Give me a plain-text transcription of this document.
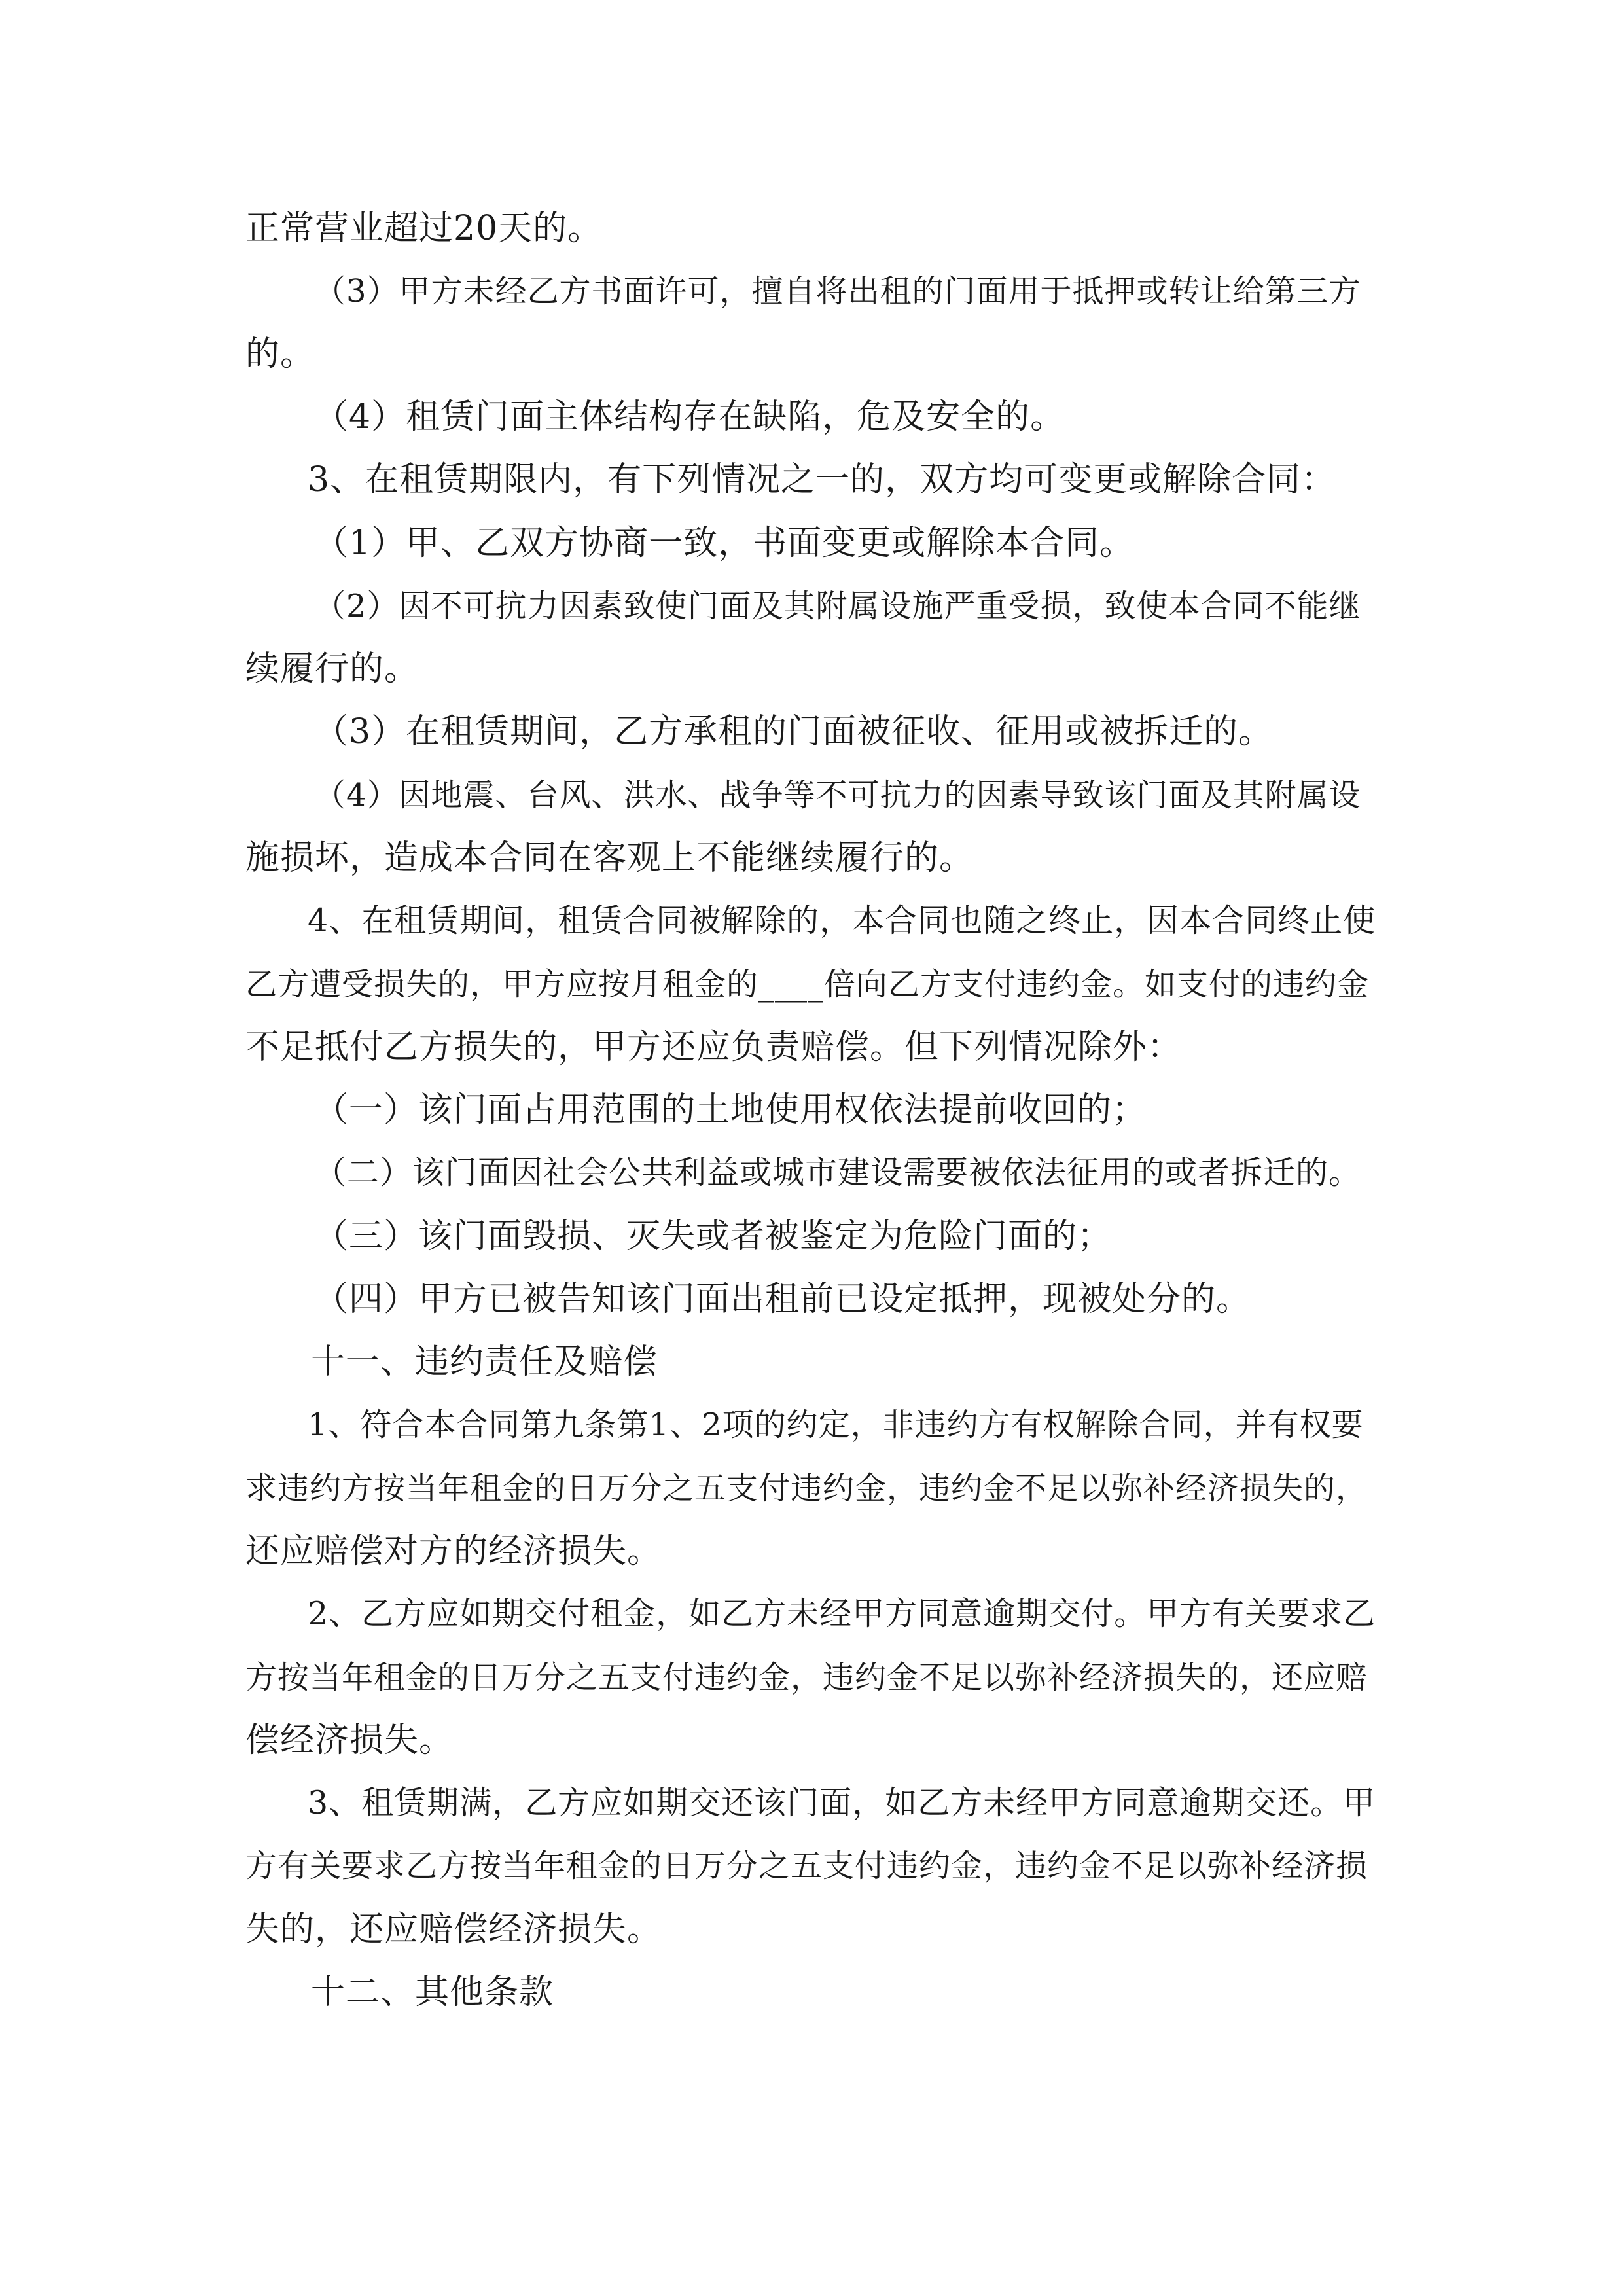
正常营业超过20天的。
（3）甲方未经乙方书面许可，擅自将出租的门面用于抵押或转让给第三方
的。
（4）租赁门面主体结构存在缺陷，危及安全的。
3、在租赁期限内，有下列情况之一的，双方均可变更或解除合同：
（1）甲、乙双方协商一致，书面变更或解除本合同。
（2）因不可抗力因素致使门面及其附属设施严重受损，致使本合同不能继
续履行的。
（3）在租赁期间，乙方承租的门面被征收、征用或被拆迁的。
（4）因地震、台风、洪水、战争等不可抗力的因素导致该门面及其附属设
施损坏，造成本合同在客观上不能继续履行的。
4、在租赁期间，租赁合同被解除的，本合同也随之终止，因本合同终止使
乙方遭受损失的，甲方应按月租金的____倍向乙方支付违约金。如支付的违约金
不足抵付乙方损失的，甲方还应负责赔偿。但下列情况除外：
（一）该门面占用范围的土地使用权依法提前收回的；
（二）该门面因社会公共利益或城市建设需要被依法征用的或者拆迁的。
（三）该门面毁损、灭失或者被鉴定为危险门面的；
（四）甲方已被告知该门面出租前已设定抵押，现被处分的。
十一、违约责任及赔偿
1、符合本合同第九条第1、2项的约定，非违约方有权解除合同，并有权要
求违约方按当年租金的日万分之五支付违约金，违约金不足以弥补经济损失的，
还应赔偿对方的经济损失。
2、乙方应如期交付租金，如乙方未经甲方同意逾期交付。甲方有关要求乙
方按当年租金的日万分之五支付违约金，违约金不足以弥补经济损失的，还应赔
偿经济损失。
3、租赁期满，乙方应如期交还该门面，如乙方未经甲方同意逾期交还。甲
方有关要求乙方按当年租金的日万分之五支付违约金，违约金不足以弥补经济损
失的，还应赔偿经济损失。
十二、其他条款
